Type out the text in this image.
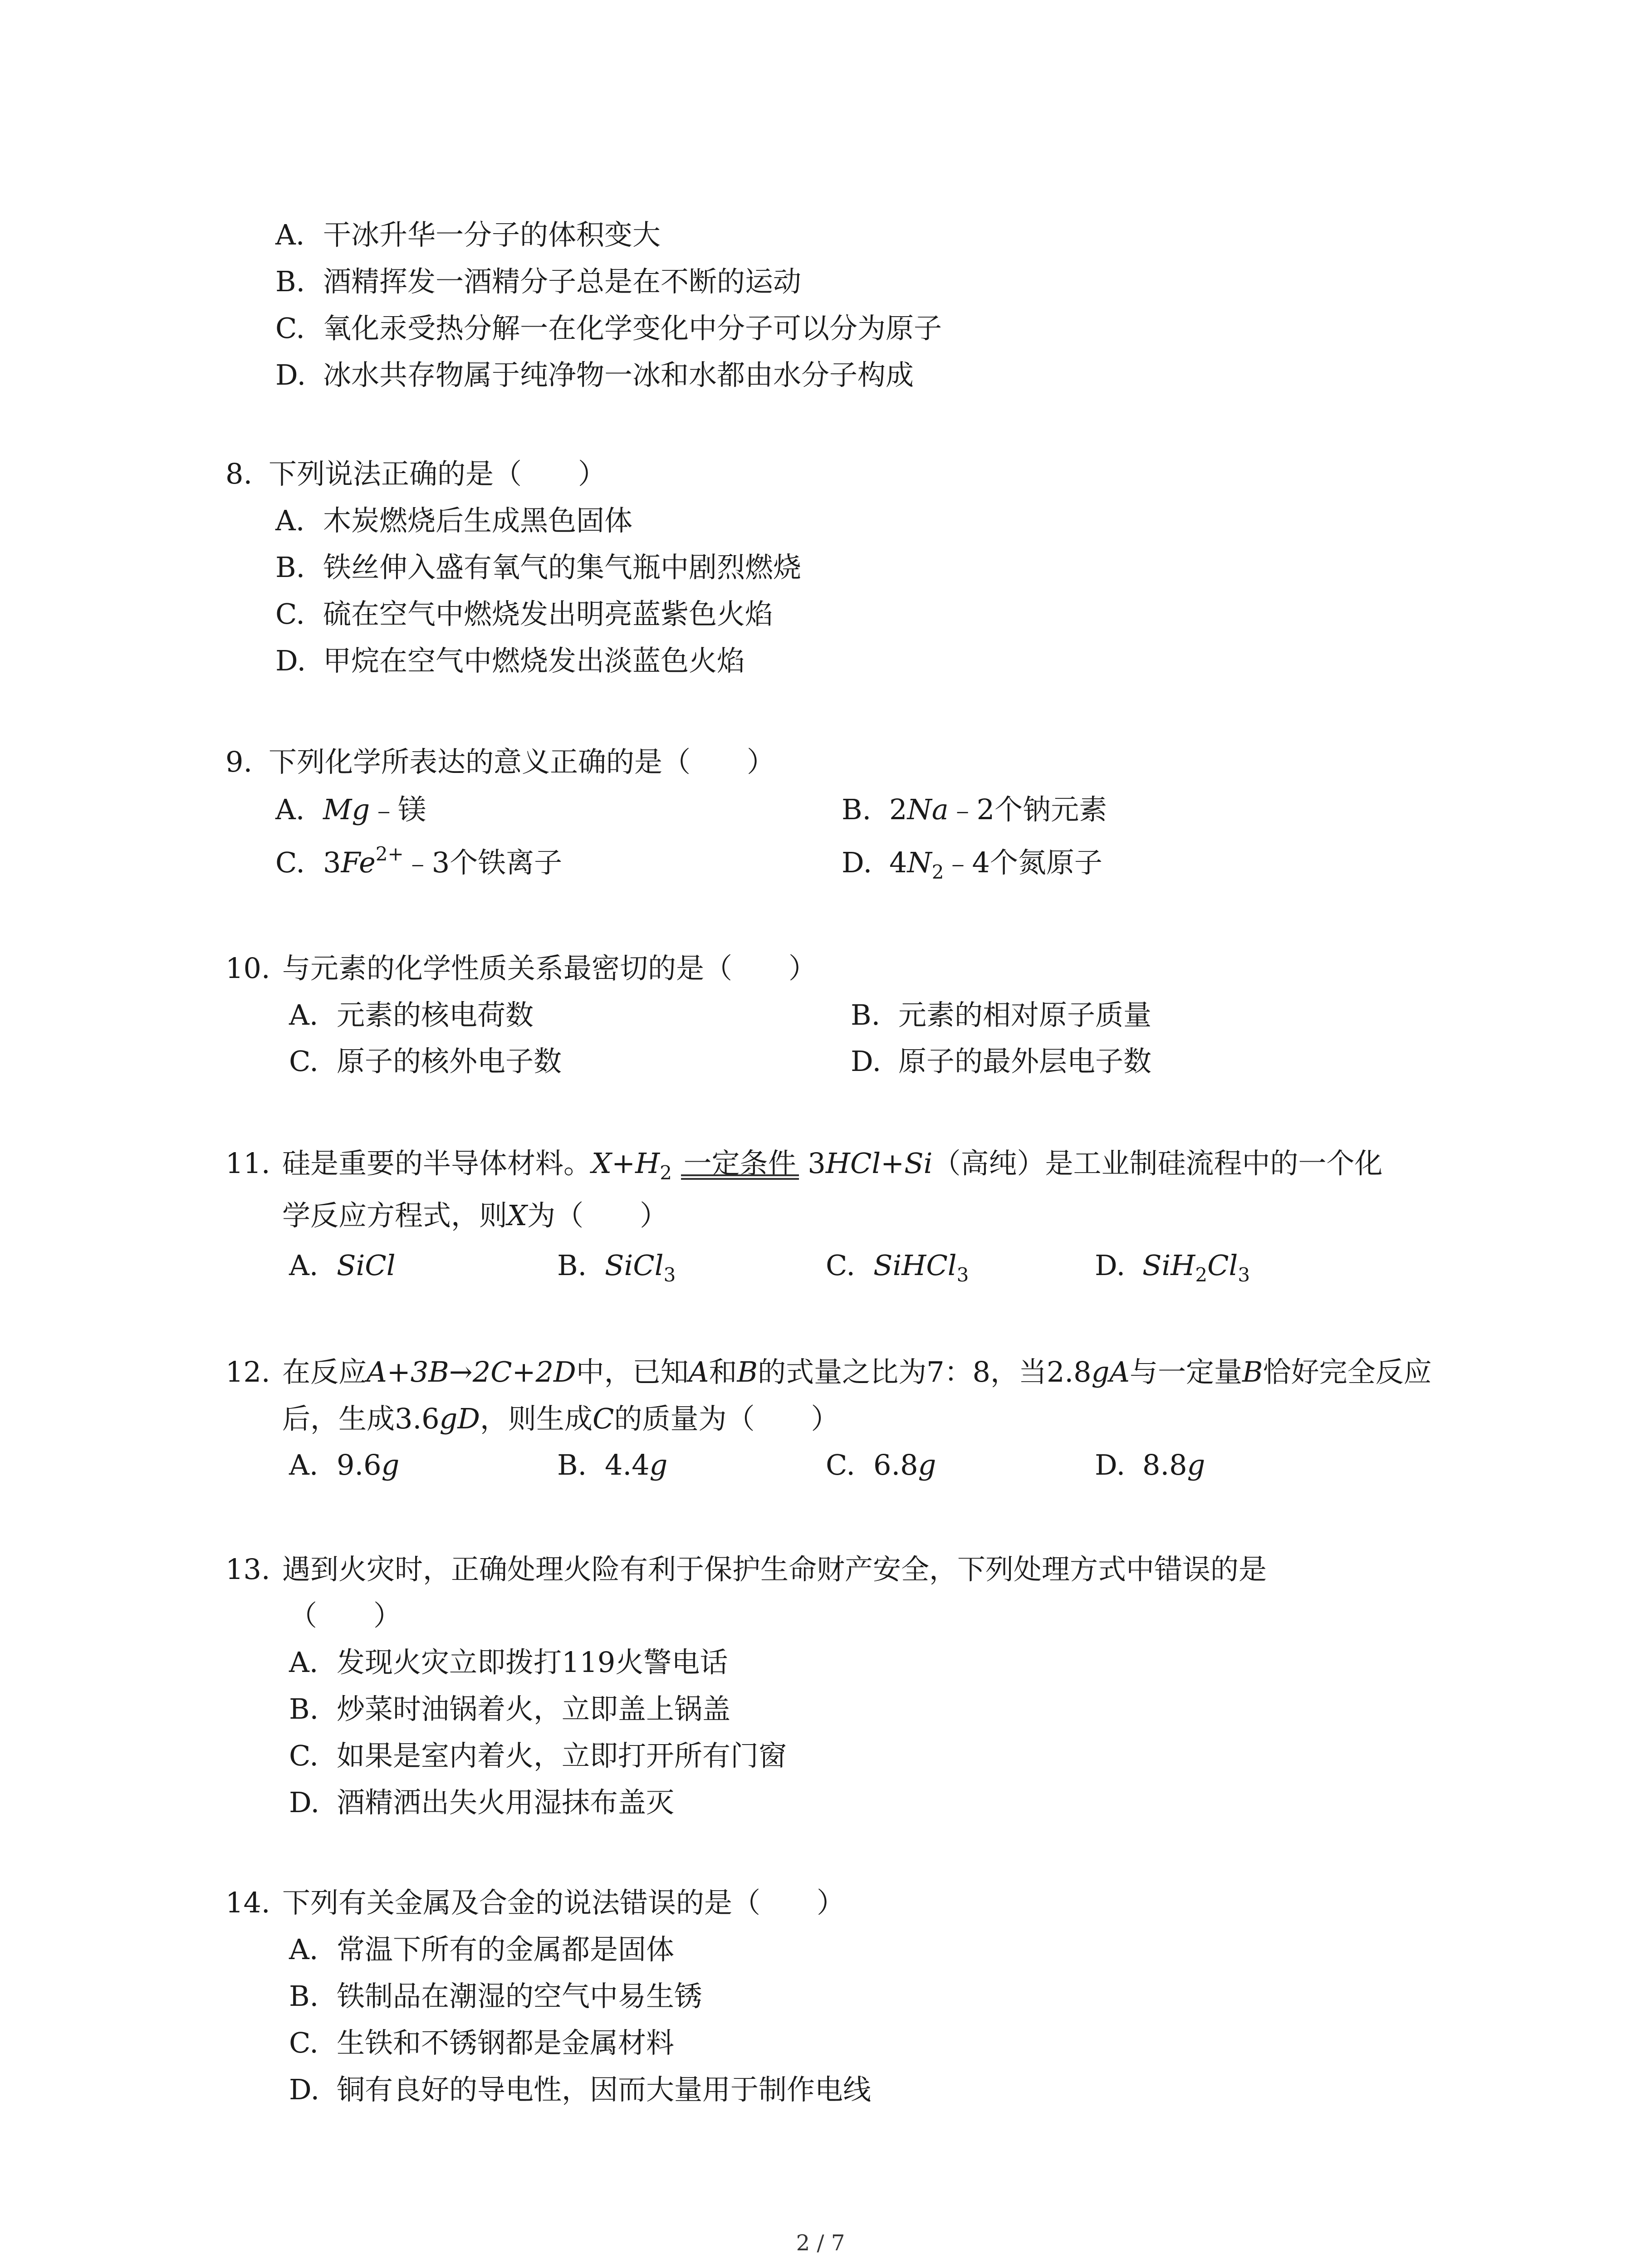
A. 干冰升华一分子的体积变大
B. 酒精挥发一酒精分子总是在不断的运动
C. 氧化汞受热分解一在化学变化中分子可以分为原子
D. 冰水共存物属于纯净物一冰和水都由水分子构成
8. 下列说法正确的是（　　）
A. 木炭燃烧后生成黑色固体
B. 铁丝伸入盛有氧气的集气瓶中剧烈燃烧
C. 硫在空气中燃烧发出明亮蓝紫色火焰
D. 甲烷在空气中燃烧发出淡蓝色火焰
9. 下列化学所表达的意义正确的是（　　）
A. Mg﹣镁	B. 2Na﹣2个钠元素
C. $3Fe^{2+}﹣3$个铁离子	D. $4N_2﹣4$个氮原子
10. 与元素的化学性质关系最密切的是（　　）
A. 元素的核电荷数	B. 元素的相对原子质量
C. 原子的核外电子数	D. 原子的最外层电子数
11. 硅是重要的半导体材料。$X+H_2$ 一定条件 3HCl+Si（高纯）是工业制硅流程中的一个化
学反应方程式，则X为（　　）
A. SiCl	B. SiCl$_3$	C. SiHCl$_3$	D. $SiH_2Cl_3$
12. 在反应A+3B→2C+2D中，已知A和B的式量之比为7：8，当2.8gA与一定量B恰好完全反应
后，生成3.6gD，则生成C的质量为（　　）
A. 9.6g	B. 4.4g	C. 6.8g	D. 8.8g
13. 遇到火灾时，正确处理火险有利于保护生命财产安全，下列处理方式中错误的是
（　　）
A. 发现火灾立即拨打119火警电话
B. 炒菜时油锅着火，立即盖上锅盖
C. 如果是室内着火，立即打开所有门窗
D. 酒精洒出失火用湿抹布盖灭
14. 下列有关金属及合金的说法错误的是（　　）
A. 常温下所有的金属都是固体
B. 铁制品在潮湿的空气中易生锈
C. 生铁和不锈钢都是金属材料
D. 铜有良好的导电性，因而大量用于制作电线
2 / 7
